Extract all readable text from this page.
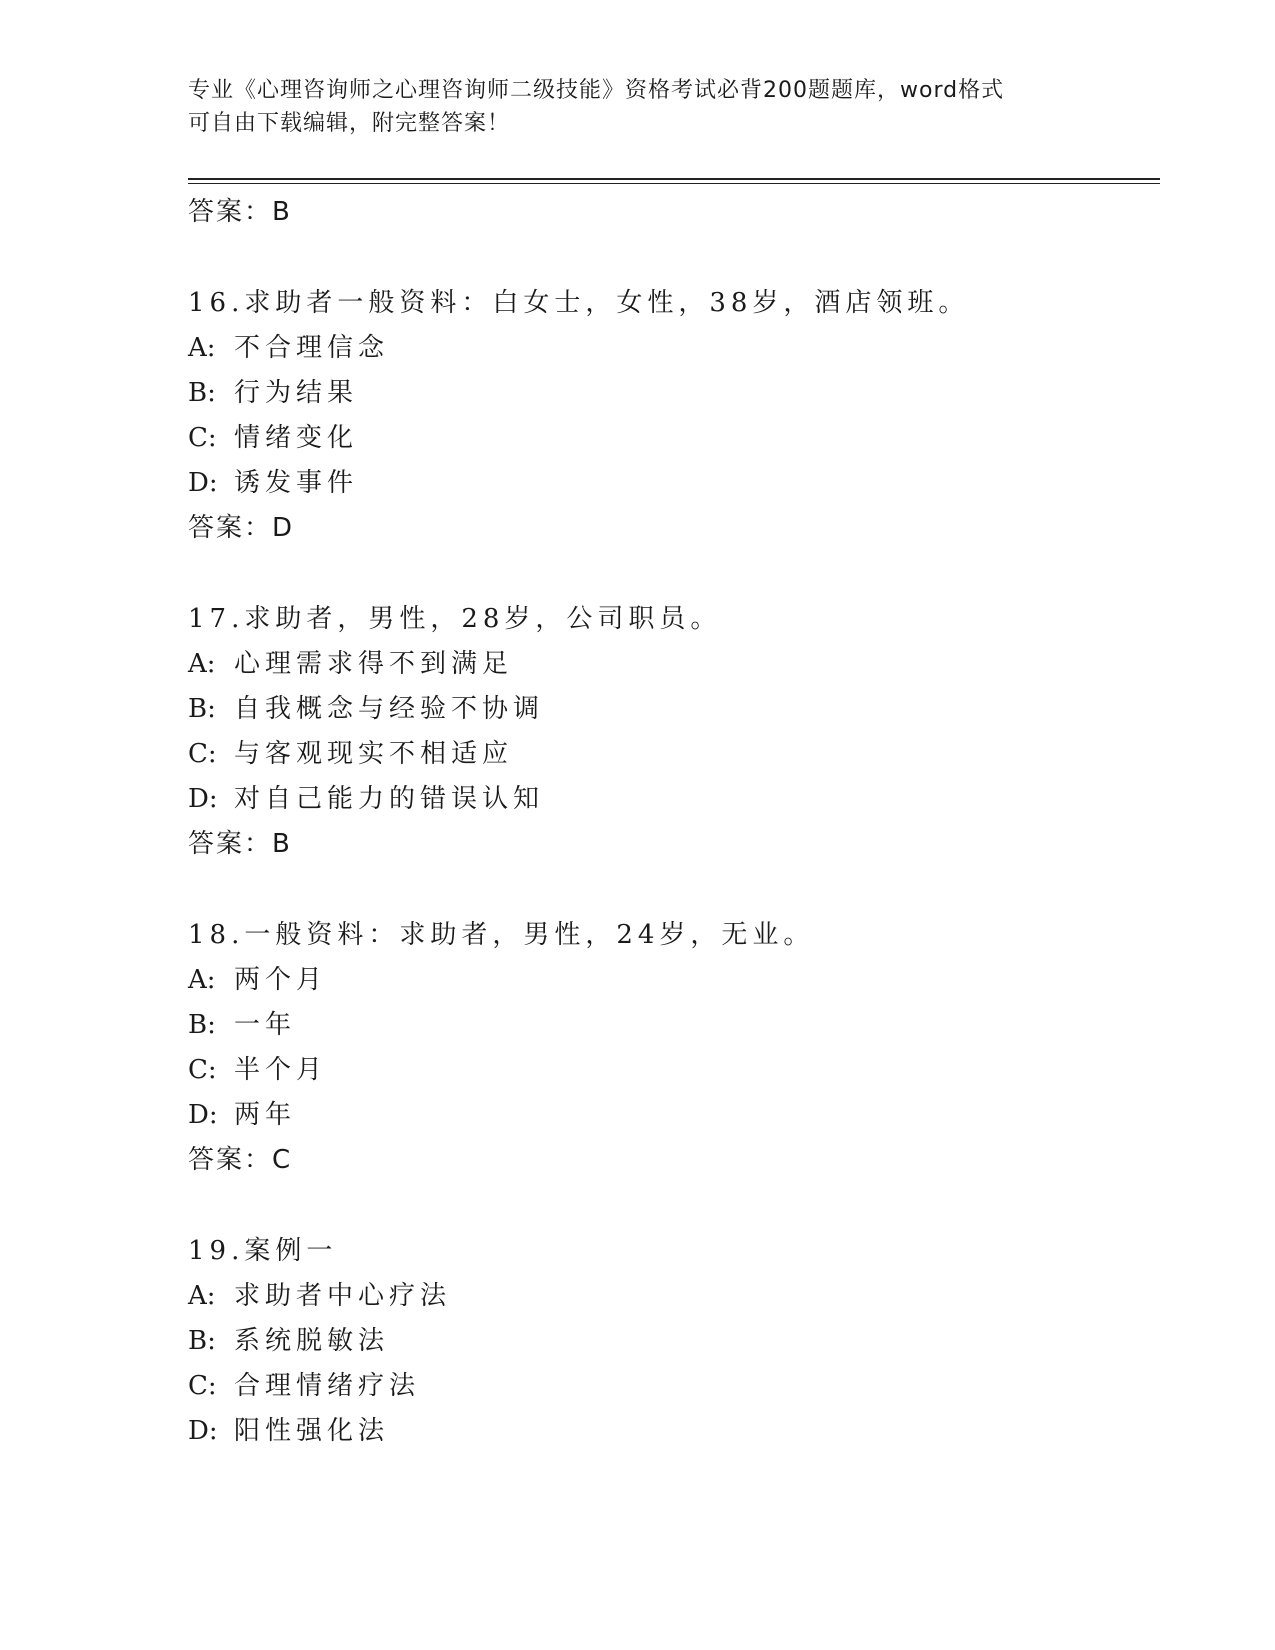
专业《心理咨询师之心理咨询师二级技能》资格考试必背200题题库，word格式
可自由下载编辑，附完整答案！
答案：B
16.求助者一般资料：白女士，女性，38岁，酒店领班。
A: 不合理信念
B: 行为结果
C: 情绪变化
D: 诱发事件
答案：D
17.求助者，男性，28岁，公司职员。
A: 心理需求得不到满足
B: 自我概念与经验不协调
C: 与客观现实不相适应
D: 对自己能力的错误认知
答案：B
18.一般资料：求助者，男性，24岁，无业。
A: 两个月
B: 一年
C: 半个月
D: 两年
答案：C
19.案例一
A: 求助者中心疗法
B: 系统脱敏法
C: 合理情绪疗法
D: 阳性强化法
